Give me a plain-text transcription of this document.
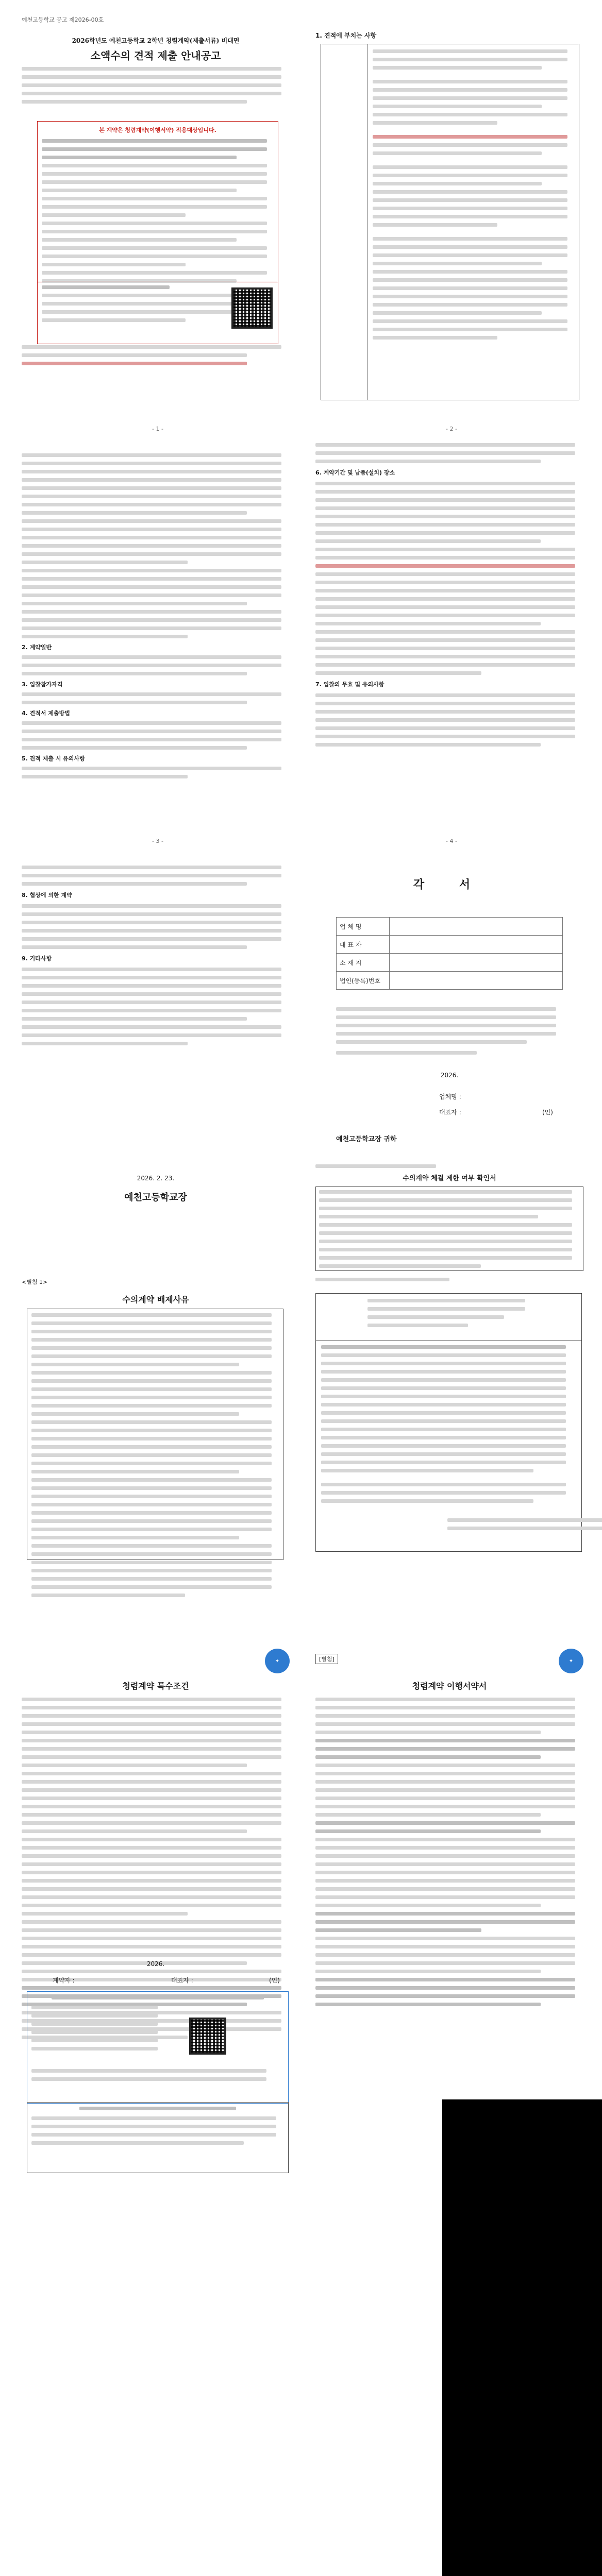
예천고등학교 공고 제2026-00호
2026학년도 예천고등학교 2학년 청렴계약(제출서류) 비대면
소액수의 견적 제출 안내공고
본 계약은 청렴계약(이행서약) 적용대상입니다.
1. 견적에 부치는 사항
2. 계약일반
3. 입찰참가자격
4. 견적서 제출방법
5. 견적 제출 시 유의사항
6. 계약기간 및 납품(설치) 장소
7. 입찰의 무효 및 유의사항
8. 협상에 의한 계약
9. 기타사항
2026. 2. 23.
예천고등학교장
각 서
업 체 명	
대 표 자	
소 재 지	
법인(등록)번호	
2026.
업체명 :
대표자 :	(인)
예천고등학교장 귀하
수의계약 체결 제한 여부 확인서
<별첨 1>
수의계약 배제사유
✦
청렴계약 특수조건
2026.
계약자 :	대표자 :	(인)
[별첨]	✦
청렴계약 이행서약서
- 1 -	- 2 -
- 3 -	- 4 -
